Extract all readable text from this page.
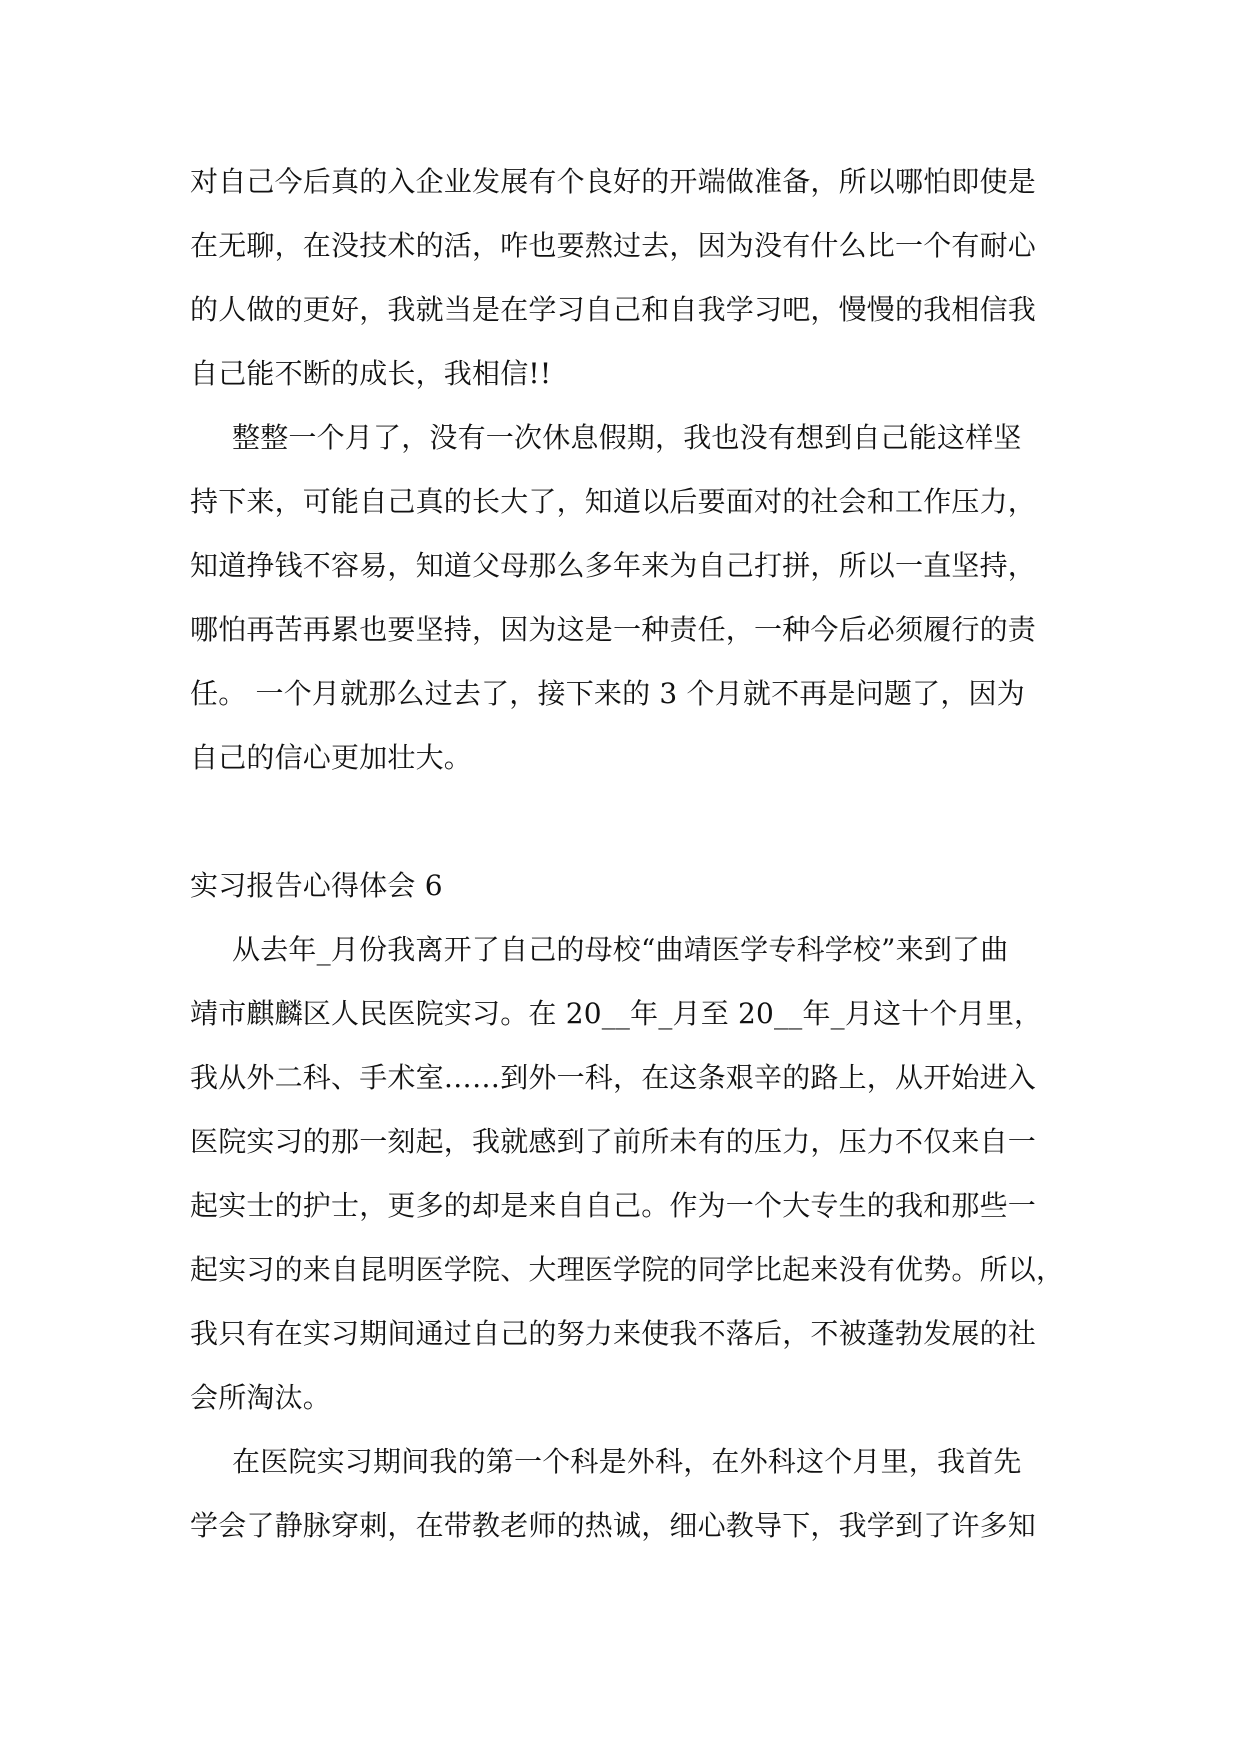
对自己今后真的入企业发展有个良好的开端做准备，所以哪怕即使是
在无聊，在没技术的活，咋也要熬过去，因为没有什么比一个有耐心
的人做的更好，我就当是在学习自己和自我学习吧，慢慢的我相信我
自己能不断的成长，我相信!!
整整一个月了，没有一次休息假期，我也没有想到自己能这样坚
持下来，可能自己真的长大了，知道以后要面对的社会和工作压力，
知道挣钱不容易，知道父母那么多年来为自己打拼，所以一直坚持，
哪怕再苦再累也要坚持，因为这是一种责任，一种今后必须履行的责
任。 一个月就那么过去了，接下来的 3 个月就不再是问题了，因为
自己的信心更加壮大。
实习报告心得体会 6
从去年_月份我离开了自己的母校“曲靖医学专科学校”来到了曲
靖市麒麟区人民医院实习。在 20__年_月至 20__年_月这十个月里，
我从外二科、手术室……到外一科，在这条艰辛的路上，从开始进入
医院实习的那一刻起，我就感到了前所未有的压力，压力不仅来自一
起实士的护士，更多的却是来自自己。作为一个大专生的我和那些一
起实习的来自昆明医学院、大理医学院的同学比起来没有优势。所以，
我只有在实习期间通过自己的努力来使我不落后，不被蓬勃发展的社
会所淘汰。
在医院实习期间我的第一个科是外科，在外科这个月里，我首先
学会了静脉穿刺，在带教老师的热诚，细心教导下，我学到了许多知
